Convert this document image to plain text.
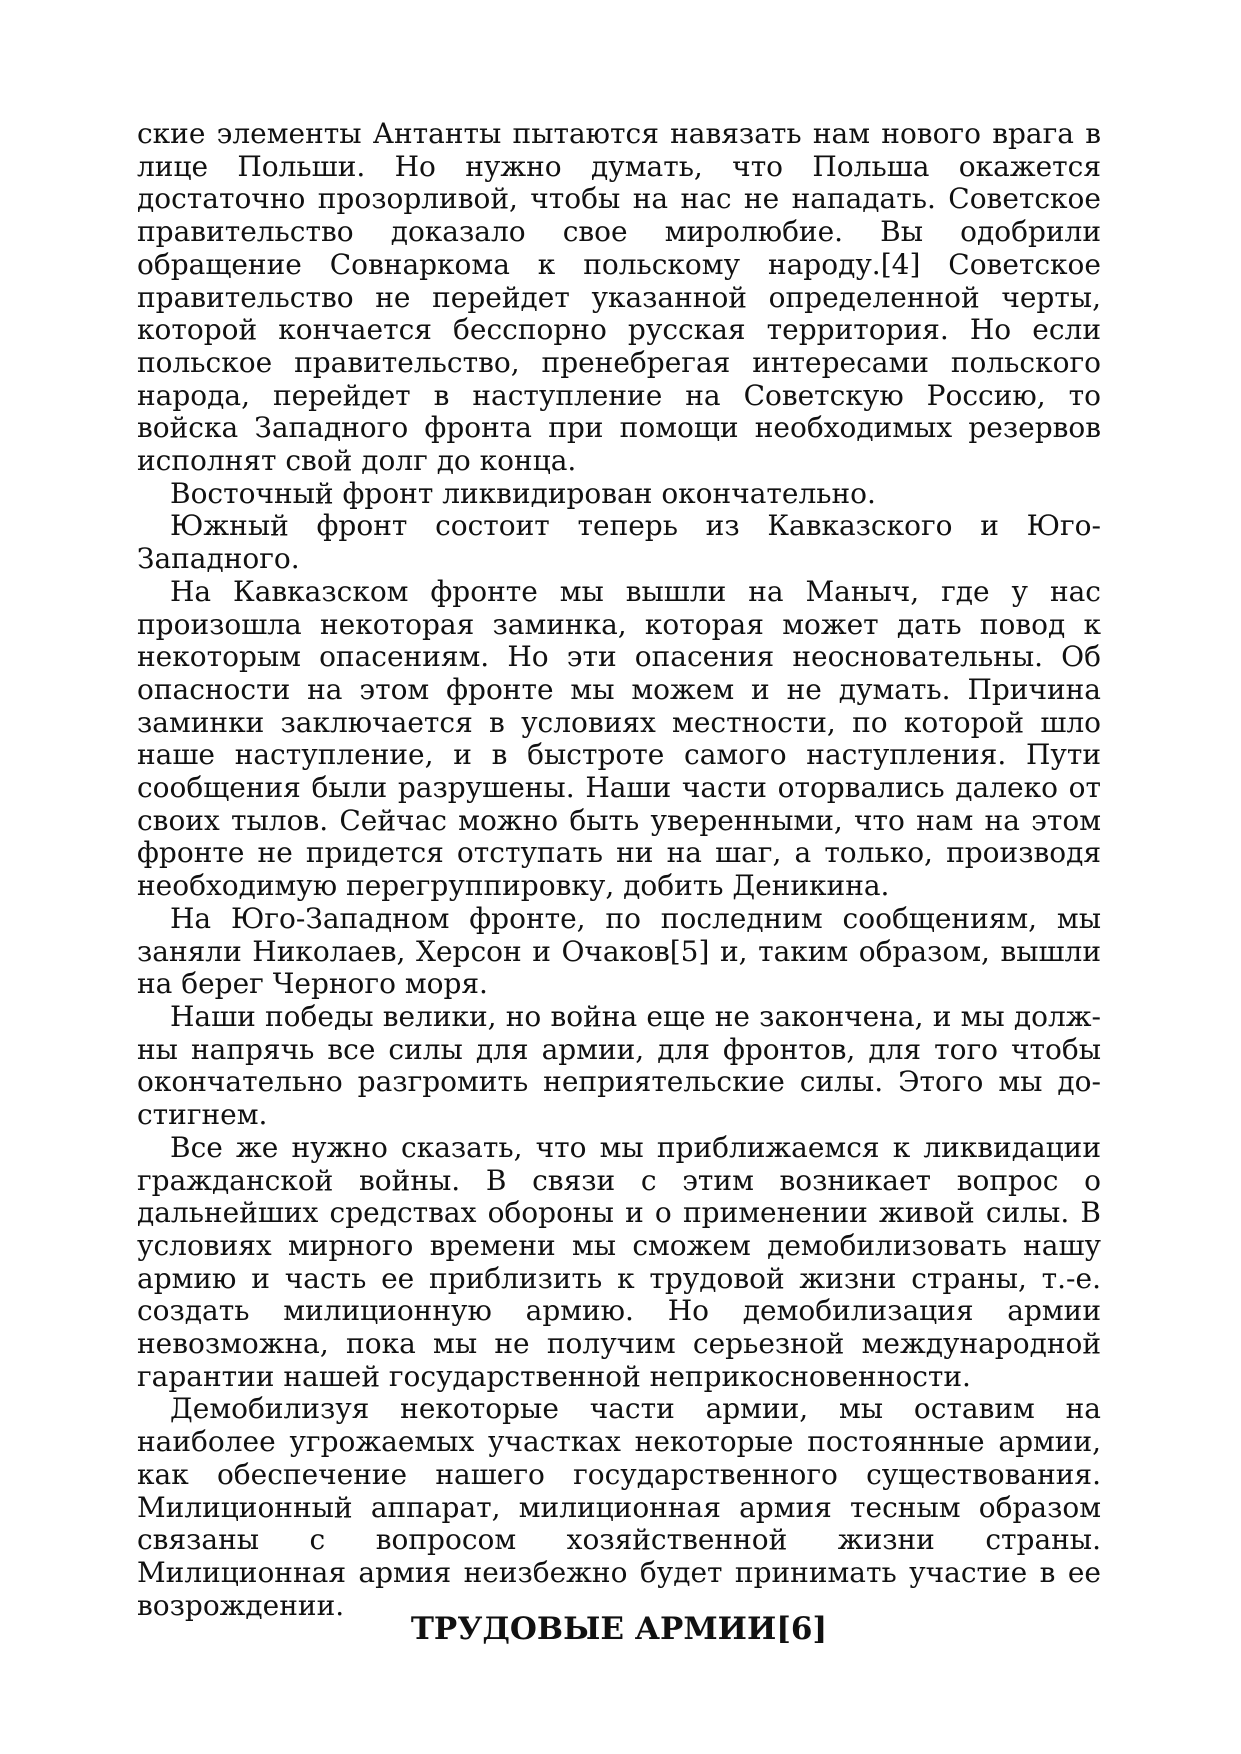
ские элементы Антанты пытаются навязать нам нового врага в лице Польши. Но нужно думать, что Польша окажется достаточно прозорливой, чтобы на нас не нападать. Советское правительство доказало свое миролюбие. Вы одобрили обращение Совнаркома к польскому народу.[4] Советское правительство не перейдет указанной определенной черты, которой кончается бесспорно русская территория. Но если польское правительство, пренебрегая интересами польского народа, перейдет в наступление на Советскую Россию, то войска Западного фронта при помощи необходимых резервов исполнят свой долг до конца.

Восточный фронт ликвидирован окончательно.

Южный фронт состоит теперь из Кавказского и Юго-Западного.

На Кавказском фронте мы вышли на Маныч, где у нас произошла некоторая заминка, которая может дать повод к некоторым опасениям. Но эти опасения неосновательны. Об опасности на этом фронте мы можем и не думать. Причина заминки заключается в условиях местности, по которой шло наше наступление, и в быстроте самого наступления. Пути сообщения были разрушены. Наши части оторвались далеко от своих тылов. Сейчас можно быть уверенными, что нам на этом фронте не придется отступать ни на шаг, а только, производя необходимую перегруппировку, добить Деникина.

На Юго-Западном фронте, по последним сообщениям, мы заняли Николаев, Херсон и Очаков[5] и, таким образом, вышли на берег Черного моря.

Наши победы велики, но война еще не закончена, и мы должны напрячь все силы для армии, для фронтов, для того чтобы окончательно разгромить неприятельские силы. Этого мы достигнем.

Все же нужно сказать, что мы приближаемся к ликвидации гражданской войны. В связи с этим возникает вопрос о дальнейших средствах обороны и о применении живой силы. В условиях мирного времени мы сможем демобилизовать нашу армию и часть ее приблизить к трудовой жизни страны, т.-е. создать милиционную армию. Но демобилизация армии невозможна, пока мы не получим серьезной международной гарантии нашей государственной неприкосновенности.

Демобилизуя некоторые части армии, мы оставим на наиболее угрожаемых участках некоторые постоянные армии, как обеспечение нашего государственного существования. Милиционный аппарат, милиционная армия тесным образом связаны с вопросом хозяйственной жизни страны. Милиционная армия неизбежно будет принимать участие в ее возрождении.

ТРУДОВЫЕ АРМИИ[6]
